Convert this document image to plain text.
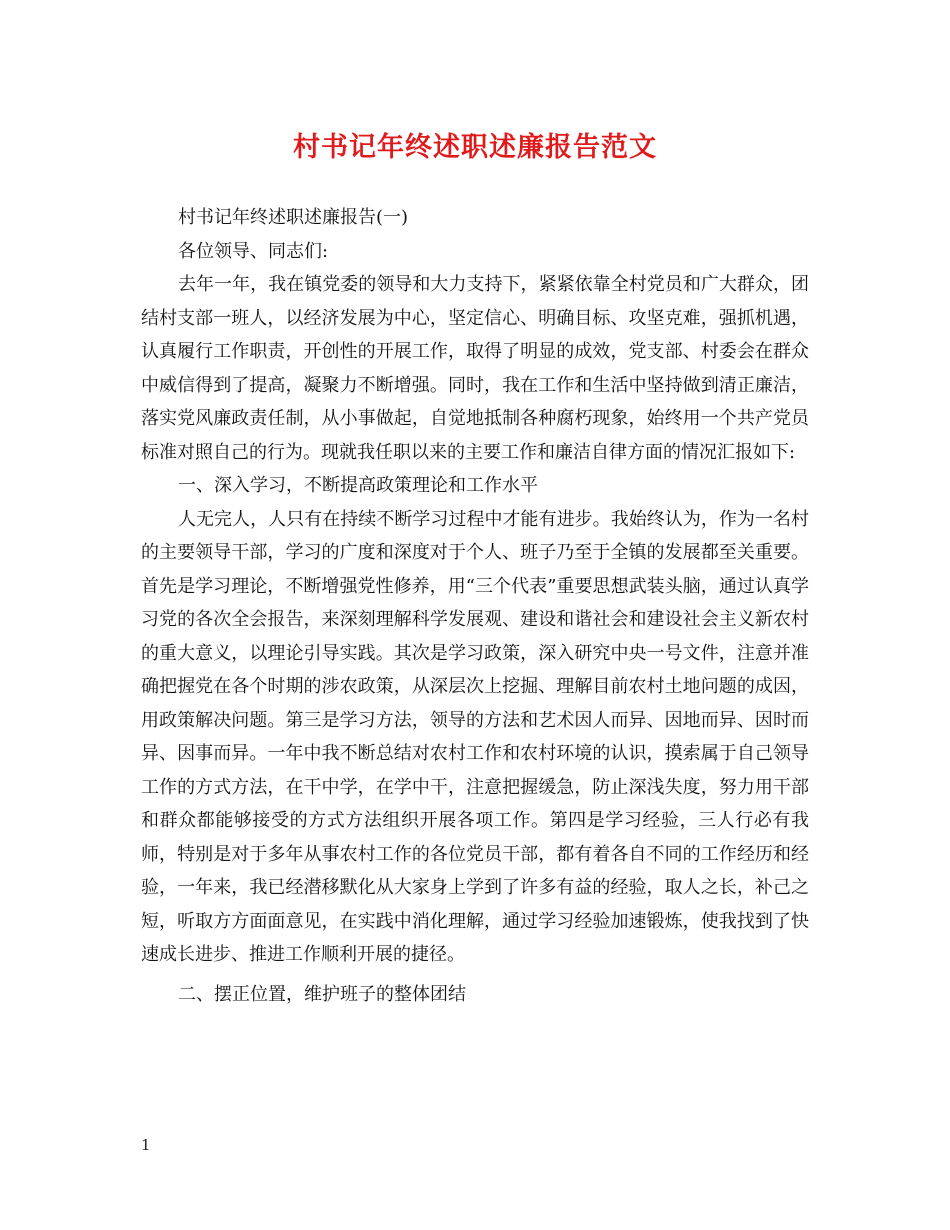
村书记年终述职述廉报告范文

村书记年终述职述廉报告(一)

各位领导、同志们:

去年一年，我在镇党委的领导和大力支持下，紧紧依靠全村党员和广大群众，团结村支部一班人，以经济发展为中心，坚定信心、明确目标、攻坚克难，强抓机遇，认真履行工作职责，开创性的开展工作，取得了明显的成效，党支部、村委会在群众中威信得到了提高，凝聚力不断增强。同时，我在工作和生活中坚持做到清正廉洁，落实党风廉政责任制，从小事做起，自觉地抵制各种腐朽现象，始终用一个共产党员标准对照自己的行为。现就我任职以来的主要工作和廉洁自律方面的情况汇报如下:

一、深入学习，不断提高政策理论和工作水平

人无完人，人只有在持续不断学习过程中才能有进步。我始终认为，作为一名村的主要领导干部，学习的广度和深度对于个人、班子乃至于全镇的发展都至关重要。首先是学习理论，不断增强党性修养，用“三个代表”重要思想武装头脑，通过认真学习党的各次全会报告，来深刻理解科学发展观、建设和谐社会和建设社会主义新农村的重大意义，以理论引导实践。其次是学习政策，深入研究中央一号文件，注意并准确把握党在各个时期的涉农政策，从深层次上挖掘、理解目前农村土地问题的成因，用政策解决问题。第三是学习方法，领导的方法和艺术因人而异、因地而异、因时而异、因事而异。一年中我不断总结对农村工作和农村环境的认识，摸索属于自己领导工作的方式方法，在干中学，在学中干，注意把握缓急，防止深浅失度，努力用干部和群众都能够接受的方式方法组织开展各项工作。第四是学习经验，三人行必有我师，特别是对于多年从事农村工作的各位党员干部，都有着各自不同的工作经历和经验，一年来，我已经潜移默化从大家身上学到了许多有益的经验，取人之长，补己之短，听取方方面面意见，在实践中消化理解，通过学习经验加速锻炼，使我找到了快速成长进步、推进工作顺利开展的捷径。

二、摆正位置，维护班子的整体团结

1
